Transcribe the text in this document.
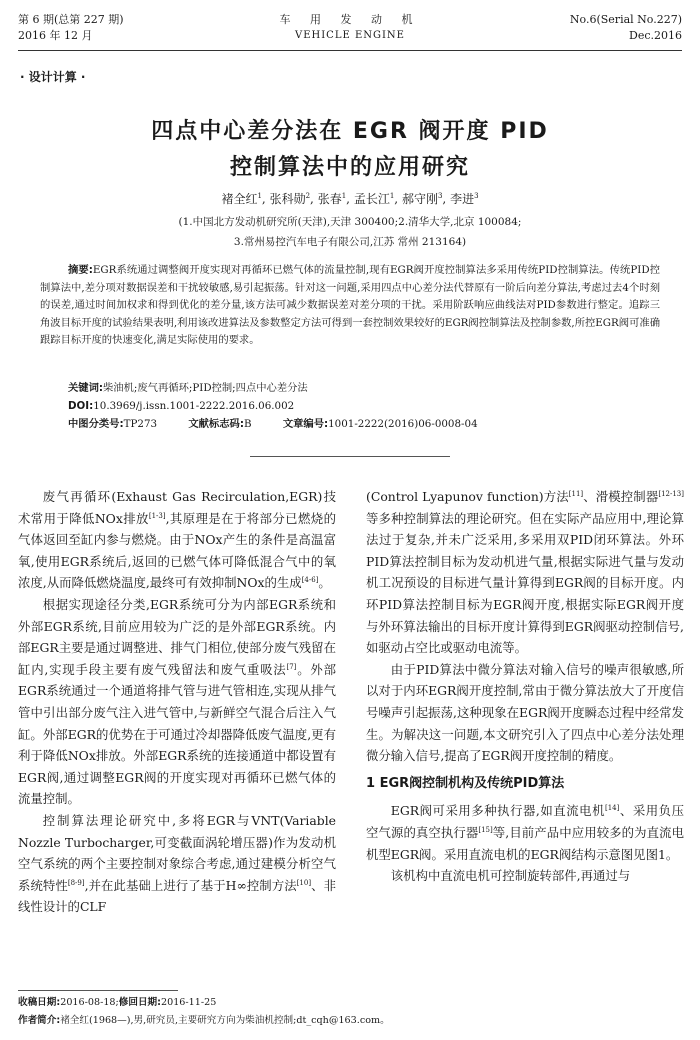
第 6 期(总第 227 期)
2016 年 12 月
车 用 发 动 机
VEHICLE ENGINE
No.6(Serial No.227)
Dec.2016
· 设计计算 ·
四点中心差分法在 EGR 阀开度 PID
控制算法中的应用研究
褚全红$^1$, 张科勋$^2$, 张春$^1$, 孟长江$^1$, 郝守刚$^3$, 李进$^3$
(1.中国北方发动机研究所(天津),天津 300400;2.清华大学,北京 100084;
3.常州易控汽车电子有限公司,江苏 常州 213164)
摘要:EGR系统通过调整阀开度实现对再循环已燃气体的流量控制,现有EGR阀开度控制算法多采用传统PID控制算法。传统PID控制算法中,差分项对数据误差和干扰较敏感,易引起振荡。针对这一问题,采用四点中心差分法代替原有一阶后向差分算法,考虑过去4个时刻的误差,通过时间加权求和得到优化的差分量,该方法可减少数据误差对差分项的干扰。采用阶跃响应曲线法对PID参数进行整定。追踪三角波目标开度的试验结果表明,利用该改进算法及参数整定方法可得到一套控制效果较好的EGR阀控制算法及控制参数,所控EGR阀可准确跟踪目标开度的快速变化,满足实际使用的要求。
关键词:柴油机;废气再循环;PID控制;四点中心差分法
DOI:10.3969/j.issn.1001-2222.2016.06.002
中图分类号:TP273	文献标志码:B	文章编号:1001-2222(2016)06-0008-04

废气再循环(Exhaust Gas Recirculation,EGR)技术常用于降低NOx排放[1-3],其原理是在于将部分已燃烧的气体返回至缸内参与燃烧。由于NOx产生的条件是高温富氧,使用EGR系统后,返回的已燃气体可降低混合气中的氧浓度,从而降低燃烧温度,最终可有效抑制NOx的生成[4-6]。

根据实现途径分类,EGR系统可分为内部EGR系统和外部EGR系统,目前应用较为广泛的是外部EGR系统。内部EGR主要是通过调整进、排气门相位,使部分废气残留在缸内,实现手段主要有废气残留法和废气重吸法[7]。外部EGR系统通过一个通道将排气管与进气管相连,实现从排气管中引出部分废气注入进气管中,与新鲜空气混合后注入气缸。外部EGR的优势在于可通过冷却器降低废气温度,更有利于降低NOx排放。外部EGR系统的连接通道中都设置有EGR阀,通过调整EGR阀的开度实现对再循环已燃气体的流量控制。

控制算法理论研究中,多将EGR与VNT(Variable Nozzle Turbocharger,可变截面涡轮增压器)作为发动机空气系统的两个主要控制对象综合考虑,通过建模分析空气系统特性[8-9],并在此基础上进行了基于H∞控制方法[10]、非线性设计的CLF

(Control Lyapunov function)方法[11]、滑模控制器[12-13]等多种控制算法的理论研究。但在实际产品应用中,理论算法过于复杂,并未广泛采用,多采用双PID闭环算法。外环PID算法控制目标为发动机进气量,根据实际进气量与发动机工况预设的目标进气量计算得到EGR阀的目标开度。内环PID算法控制目标为EGR阀开度,根据实际EGR阀开度与外环算法输出的目标开度计算得到EGR阀驱动控制信号,如驱动占空比或驱动电流等。

由于PID算法中微分算法对输入信号的噪声很敏感,所以对于内环EGR阀开度控制,常由于微分算法放大了开度信号噪声引起振荡,这种现象在EGR阀开度瞬态过程中经常发生。为解决这一问题,本文研究引入了四点中心差分法处理微分输入信号,提高了EGR阀开度控制的精度。

1 EGR阀控制机构及传统PID算法

EGR阀可采用多种执行器,如直流电机[14]、采用负压空气源的真空执行器[15]等,目前产品中应用较多的为直流电机型EGR阀。采用直流电机的EGR阀结构示意图见图1。

该机构中直流电机可控制旋转部件,再通过与

收稿日期:2016-08-18;修回日期:2016-11-25
作者简介:褚全红(1968—),男,研究员,主要研究方向为柴油机控制;dt_cqh@163.com。
